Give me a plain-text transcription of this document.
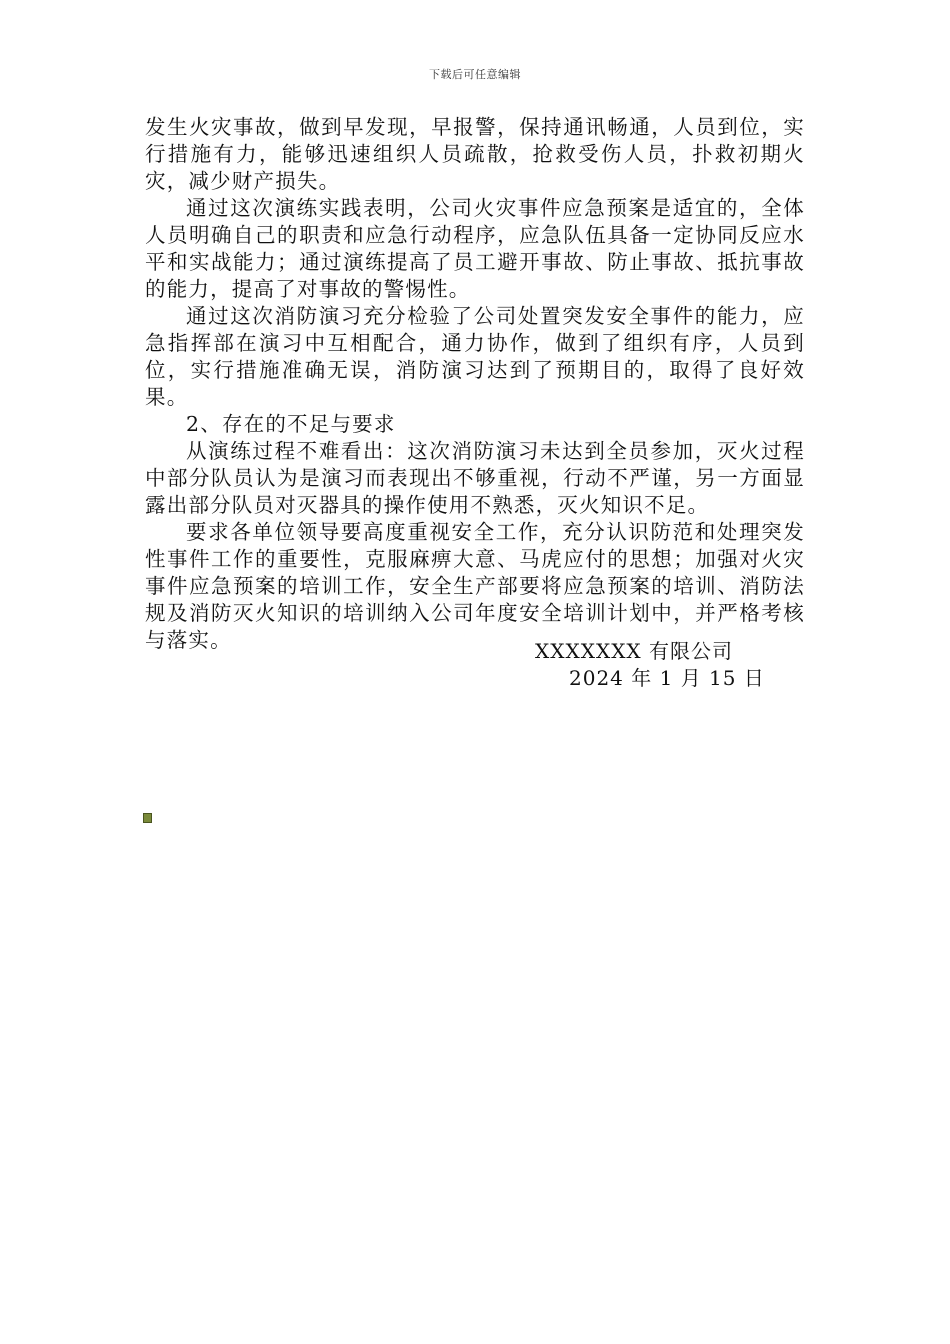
下载后可任意编辑

发生火灾事故，做到早发现，早报警，保持通讯畅通，人员到位，实行措施有力，能够迅速组织人员疏散，抢救受伤人员，扑救初期火灾，减少财产损失。

通过这次演练实践表明，公司火灾事件应急预案是适宜的，全体人员明确自己的职责和应急行动程序，应急队伍具备一定协同反应水平和实战能力；通过演练提高了员工避开事故、防止事故、抵抗事故的能力，提高了对事故的警惕性。

通过这次消防演习充分检验了公司处置突发安全事件的能力，应急指挥部在演习中互相配合，通力协作，做到了组织有序，人员到位，实行措施准确无误，消防演习达到了预期目的，取得了良好效果。

2、存在的不足与要求

从演练过程不难看出：这次消防演习未达到全员参加，灭火过程中部分队员认为是演习而表现出不够重视，行动不严谨，另一方面显露出部分队员对灭器具的操作使用不熟悉，灭火知识不足。

要求各单位领导要高度重视安全工作，充分认识防范和处理突发性事件工作的重要性，克服麻痹大意、马虎应付的思想；加强对火灾事件应急预案的培训工作，安全生产部要将应急预案的培训、消防法规及消防灭火知识的培训纳入公司年度安全培训计划中，并严格考核与落实。	XXXXXXX 有限公司
2024 年 1 月 15 日
